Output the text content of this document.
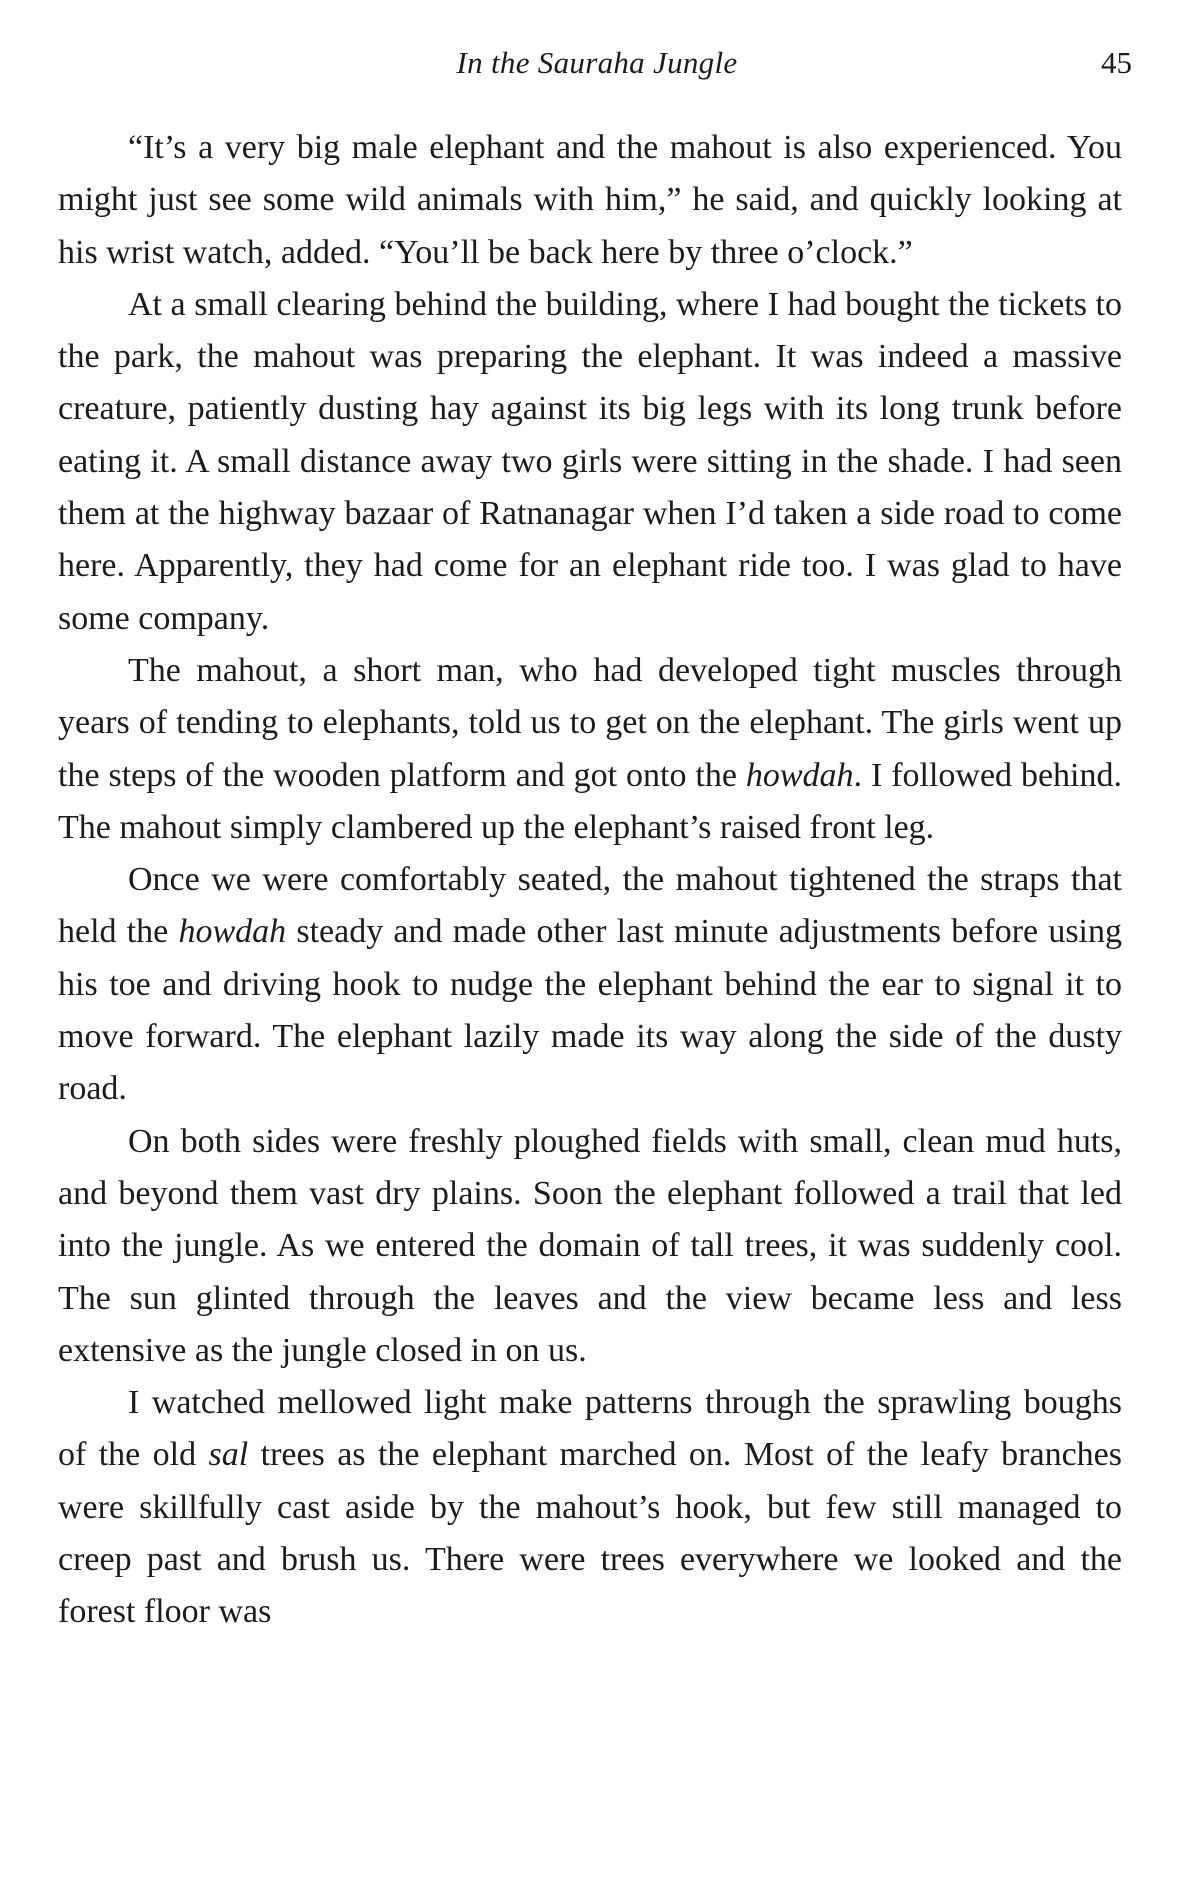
In the Sauraha Jungle	45

“It’s a very big male elephant and the mahout is also experienced. You might just see some wild animals with him,” he said, and quickly looking at his wrist watch, added. “You’ll be back here by three o’clock.”

At a small clearing behind the building, where I had bought the tickets to the park, the mahout was preparing the elephant. It was indeed a massive creature, patiently dusting hay against its big legs with its long trunk before eating it. A small distance away two girls were sitting in the shade. I had seen them at the highway bazaar of Ratnanagar when I’d taken a side road to come here. Apparently, they had come for an elephant ride too. I was glad to have some company.

The mahout, a short man, who had developed tight muscles through years of tending to elephants, told us to get on the elephant. The girls went up the steps of the wooden platform and got onto the howdah. I followed behind. The mahout simply clambered up the elephant’s raised front leg.

Once we were comfortably seated, the mahout tightened the straps that held the howdah steady and made other last minute adjustments before using his toe and driving hook to nudge the elephant behind the ear to signal it to move forward. The elephant lazily made its way along the side of the dusty road.

On both sides were freshly ploughed fields with small, clean mud huts, and beyond them vast dry plains. Soon the elephant followed a trail that led into the jungle. As we entered the domain of tall trees, it was suddenly cool. The sun glinted through the leaves and the view became less and less extensive as the jungle closed in on us.

I watched mellowed light make patterns through the sprawling boughs of the old sal trees as the elephant marched on. Most of the leafy branches were skillfully cast aside by the mahout’s hook, but few still managed to creep past and brush us. There were trees everywhere we looked and the forest floor was
